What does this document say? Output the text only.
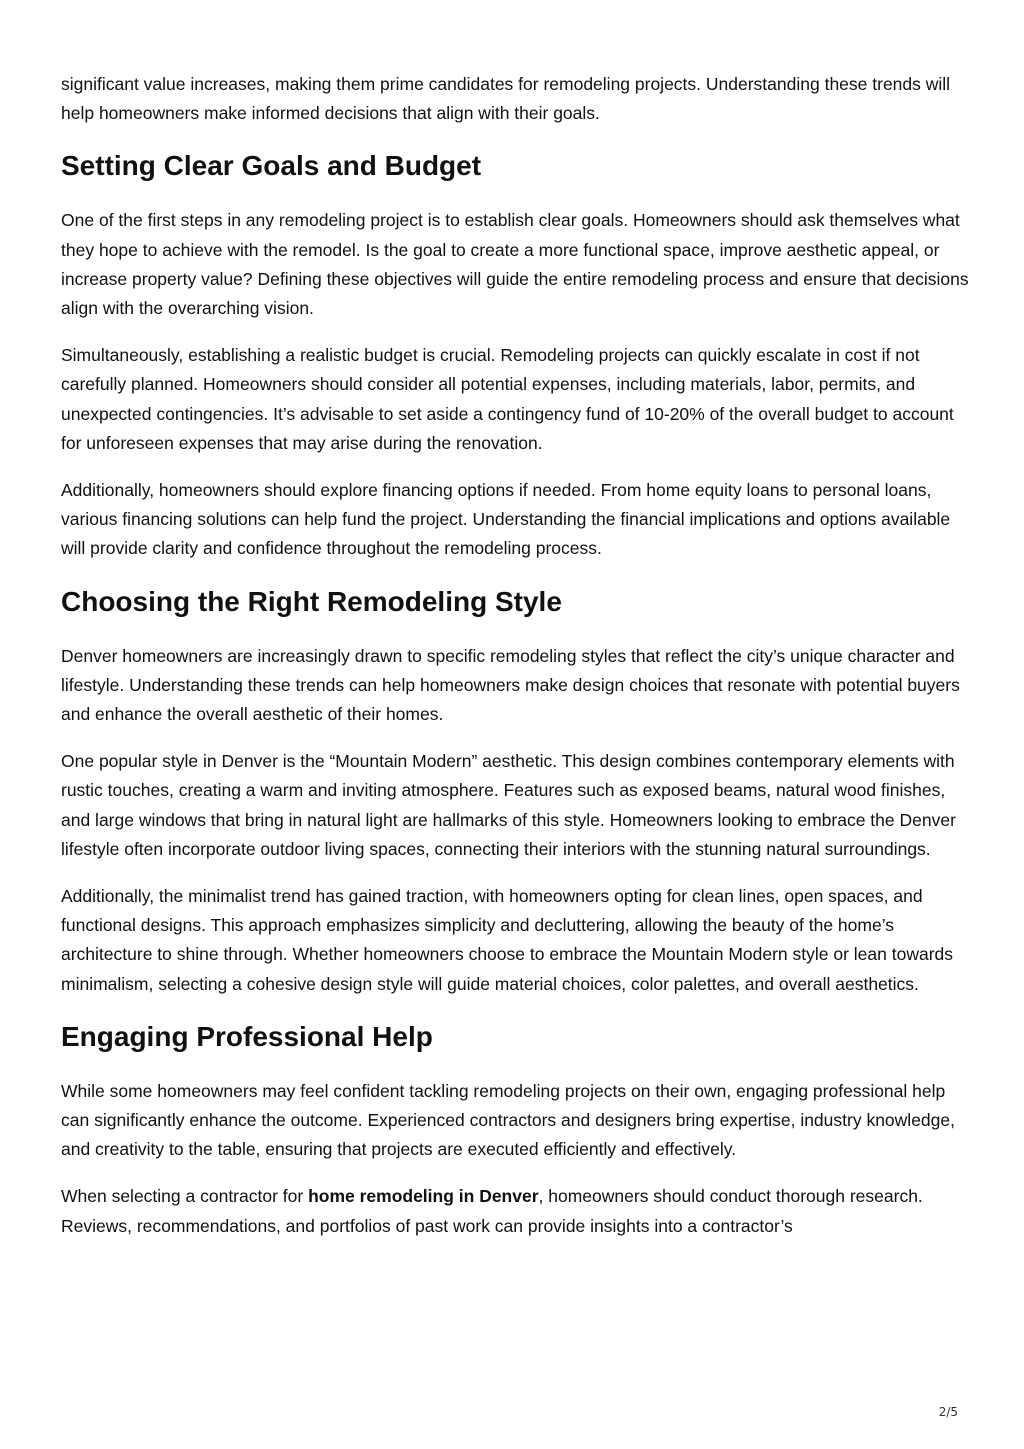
significant value increases, making them prime candidates for remodeling projects. Understanding these trends will help homeowners make informed decisions that align with their goals.

Setting Clear Goals and Budget

One of the first steps in any remodeling project is to establish clear goals. Homeowners should ask themselves what they hope to achieve with the remodel. Is the goal to create a more functional space, improve aesthetic appeal, or increase property value? Defining these objectives will guide the entire remodeling process and ensure that decisions align with the overarching vision.

Simultaneously, establishing a realistic budget is crucial. Remodeling projects can quickly escalate in cost if not carefully planned. Homeowners should consider all potential expenses, including materials, labor, permits, and unexpected contingencies. It’s advisable to set aside a contingency fund of 10-20% of the overall budget to account for unforeseen expenses that may arise during the renovation.

Additionally, homeowners should explore financing options if needed. From home equity loans to personal loans, various financing solutions can help fund the project. Understanding the financial implications and options available will provide clarity and confidence throughout the remodeling process.

Choosing the Right Remodeling Style

Denver homeowners are increasingly drawn to specific remodeling styles that reflect the city’s unique character and lifestyle. Understanding these trends can help homeowners make design choices that resonate with potential buyers and enhance the overall aesthetic of their homes.

One popular style in Denver is the “Mountain Modern” aesthetic. This design combines contemporary elements with rustic touches, creating a warm and inviting atmosphere. Features such as exposed beams, natural wood finishes, and large windows that bring in natural light are hallmarks of this style. Homeowners looking to embrace the Denver lifestyle often incorporate outdoor living spaces, connecting their interiors with the stunning natural surroundings.

Additionally, the minimalist trend has gained traction, with homeowners opting for clean lines, open spaces, and functional designs. This approach emphasizes simplicity and decluttering, allowing the beauty of the home’s architecture to shine through. Whether homeowners choose to embrace the Mountain Modern style or lean towards minimalism, selecting a cohesive design style will guide material choices, color palettes, and overall aesthetics.

Engaging Professional Help

While some homeowners may feel confident tackling remodeling projects on their own, engaging professional help can significantly enhance the outcome. Experienced contractors and designers bring expertise, industry knowledge, and creativity to the table, ensuring that projects are executed efficiently and effectively.

When selecting a contractor for home remodeling in Denver, homeowners should conduct thorough research. Reviews, recommendations, and portfolios of past work can provide insights into a contractor’s

2/5
